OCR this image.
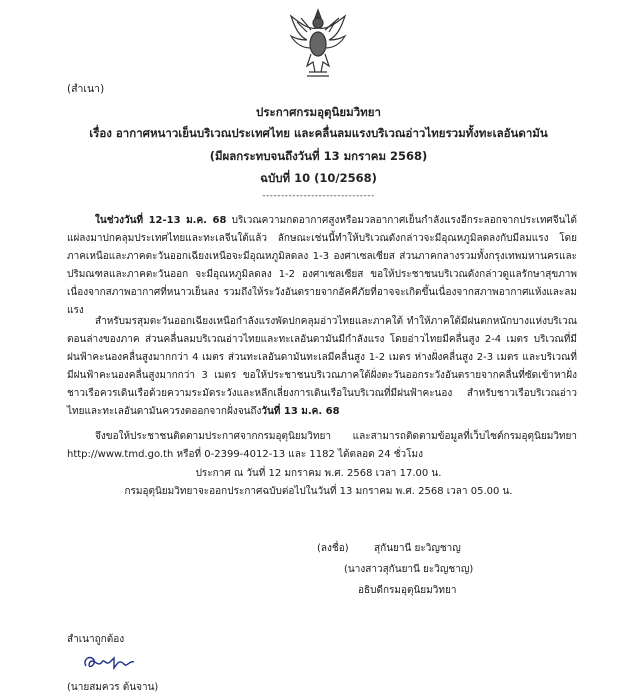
(สำเนา)
ประกาศกรมอุตุนิยมวิทยา
เรื่อง อากาศหนาวเย็นบริเวณประเทศไทย และคลื่นลมแรงบริเวณอ่าวไทยรวมทั้งทะเลอันดามัน
(มีผลกระทบจนถึงวันที่ 13 มกราคม 2568)
ฉบับที่ 10 (10/2568)
------------------------------
ในช่วงวันที่ 12-13 ม.ค. 68 บริเวณความกดอากาศสูงหรือมวลอากาศเย็นกำลังแรงอีกระลอกจากประเทศจีนได้แผ่ลงมาปกคลุมประเทศไทยและทะเลจีนใต้แล้ว ลักษณะเช่นนี้ทำให้บริเวณดังกล่าวจะมีอุณหภูมิลดลงกับมีลมแรง โดยภาคเหนือและภาคตะวันออกเฉียงเหนือจะมีอุณหภูมิลดลง 1-3 องศาเซลเซียส ส่วนภาคกลางรวมทั้งกรุงเทพมหานครและปริมณฑลและภาคตะวันออก จะมีอุณหภูมิลดลง 1-2 องศาเซลเซียส ขอให้ประชาชนบริเวณดังกล่าวดูแลรักษาสุขภาพ เนื่องจากสภาพอากาศที่หนาวเย็นลง รวมถึงให้ระวังอันตรายจากอัคคีภัยที่อาจจะเกิดขึ้นเนื่องจากสภาพอากาศแห้งและลมแรง
สำหรับมรสุมตะวันออกเฉียงเหนือกำลังแรงพัดปกคลุมอ่าวไทยและภาคใต้ ทำให้ภาคใต้มีฝนตกหนักบางแห่งบริเวณตอนล่างของภาค ส่วนคลื่นลมบริเวณอ่าวไทยและทะเลอันดามันมีกำลังแรง โดยอ่าวไทยมีคลื่นสูง 2-4 เมตร บริเวณที่มีฝนฟ้าคะนองคลื่นสูงมากกว่า 4 เมตร ส่วนทะเลอันดามันทะเลมีคลื่นสูง 1-2 เมตร ห่างฝั่งคลื่นสูง 2-3 เมตร และบริเวณที่มีฝนฟ้าคะนองคลื่นสูงมากกว่า 3 เมตร ขอให้ประชาชนบริเวณภาคใต้ฝั่งตะวันออกระวังอันตรายจากคลื่นที่ซัดเข้าหาฝั่ง ชาวเรือควรเดินเรือด้วยความระมัดระวังและหลีกเลี่ยงการเดินเรือในบริเวณที่มีฝนฟ้าคะนอง สำหรับชาวเรือบริเวณอ่าวไทยและทะเลอันดามันควรงดออกจากฝั่งจนถึงวันที่ 13 ม.ค. 68
จึงขอให้ประชาชนติดตามประกาศจากกรมอุตุนิยมวิทยา และสามารถติดตามข้อมูลที่เว็บไซต์กรมอุตุนิยมวิทยา http://www.tmd.go.th หรือที่ 0-2399-4012-13 และ 1182 ได้ตลอด 24 ชั่วโมง
ประกาศ ณ วันที่ 12 มกราคม พ.ศ. 2568 เวลา 17.00 น.
กรมอุตุนิยมวิทยาจะออกประกาศฉบับต่อไปในวันที่ 13 มกราคม พ.ศ. 2568 เวลา 05.00 น.
(ลงชื่อ)        สุกันยานี ยะวิญชาญ
(นางสาวสุกันยานี ยะวิญชาญ)
อธิบดีกรมอุตุนิยมวิทยา
สำเนาถูกต้อง
(นายสมควร ต้นจาน)
